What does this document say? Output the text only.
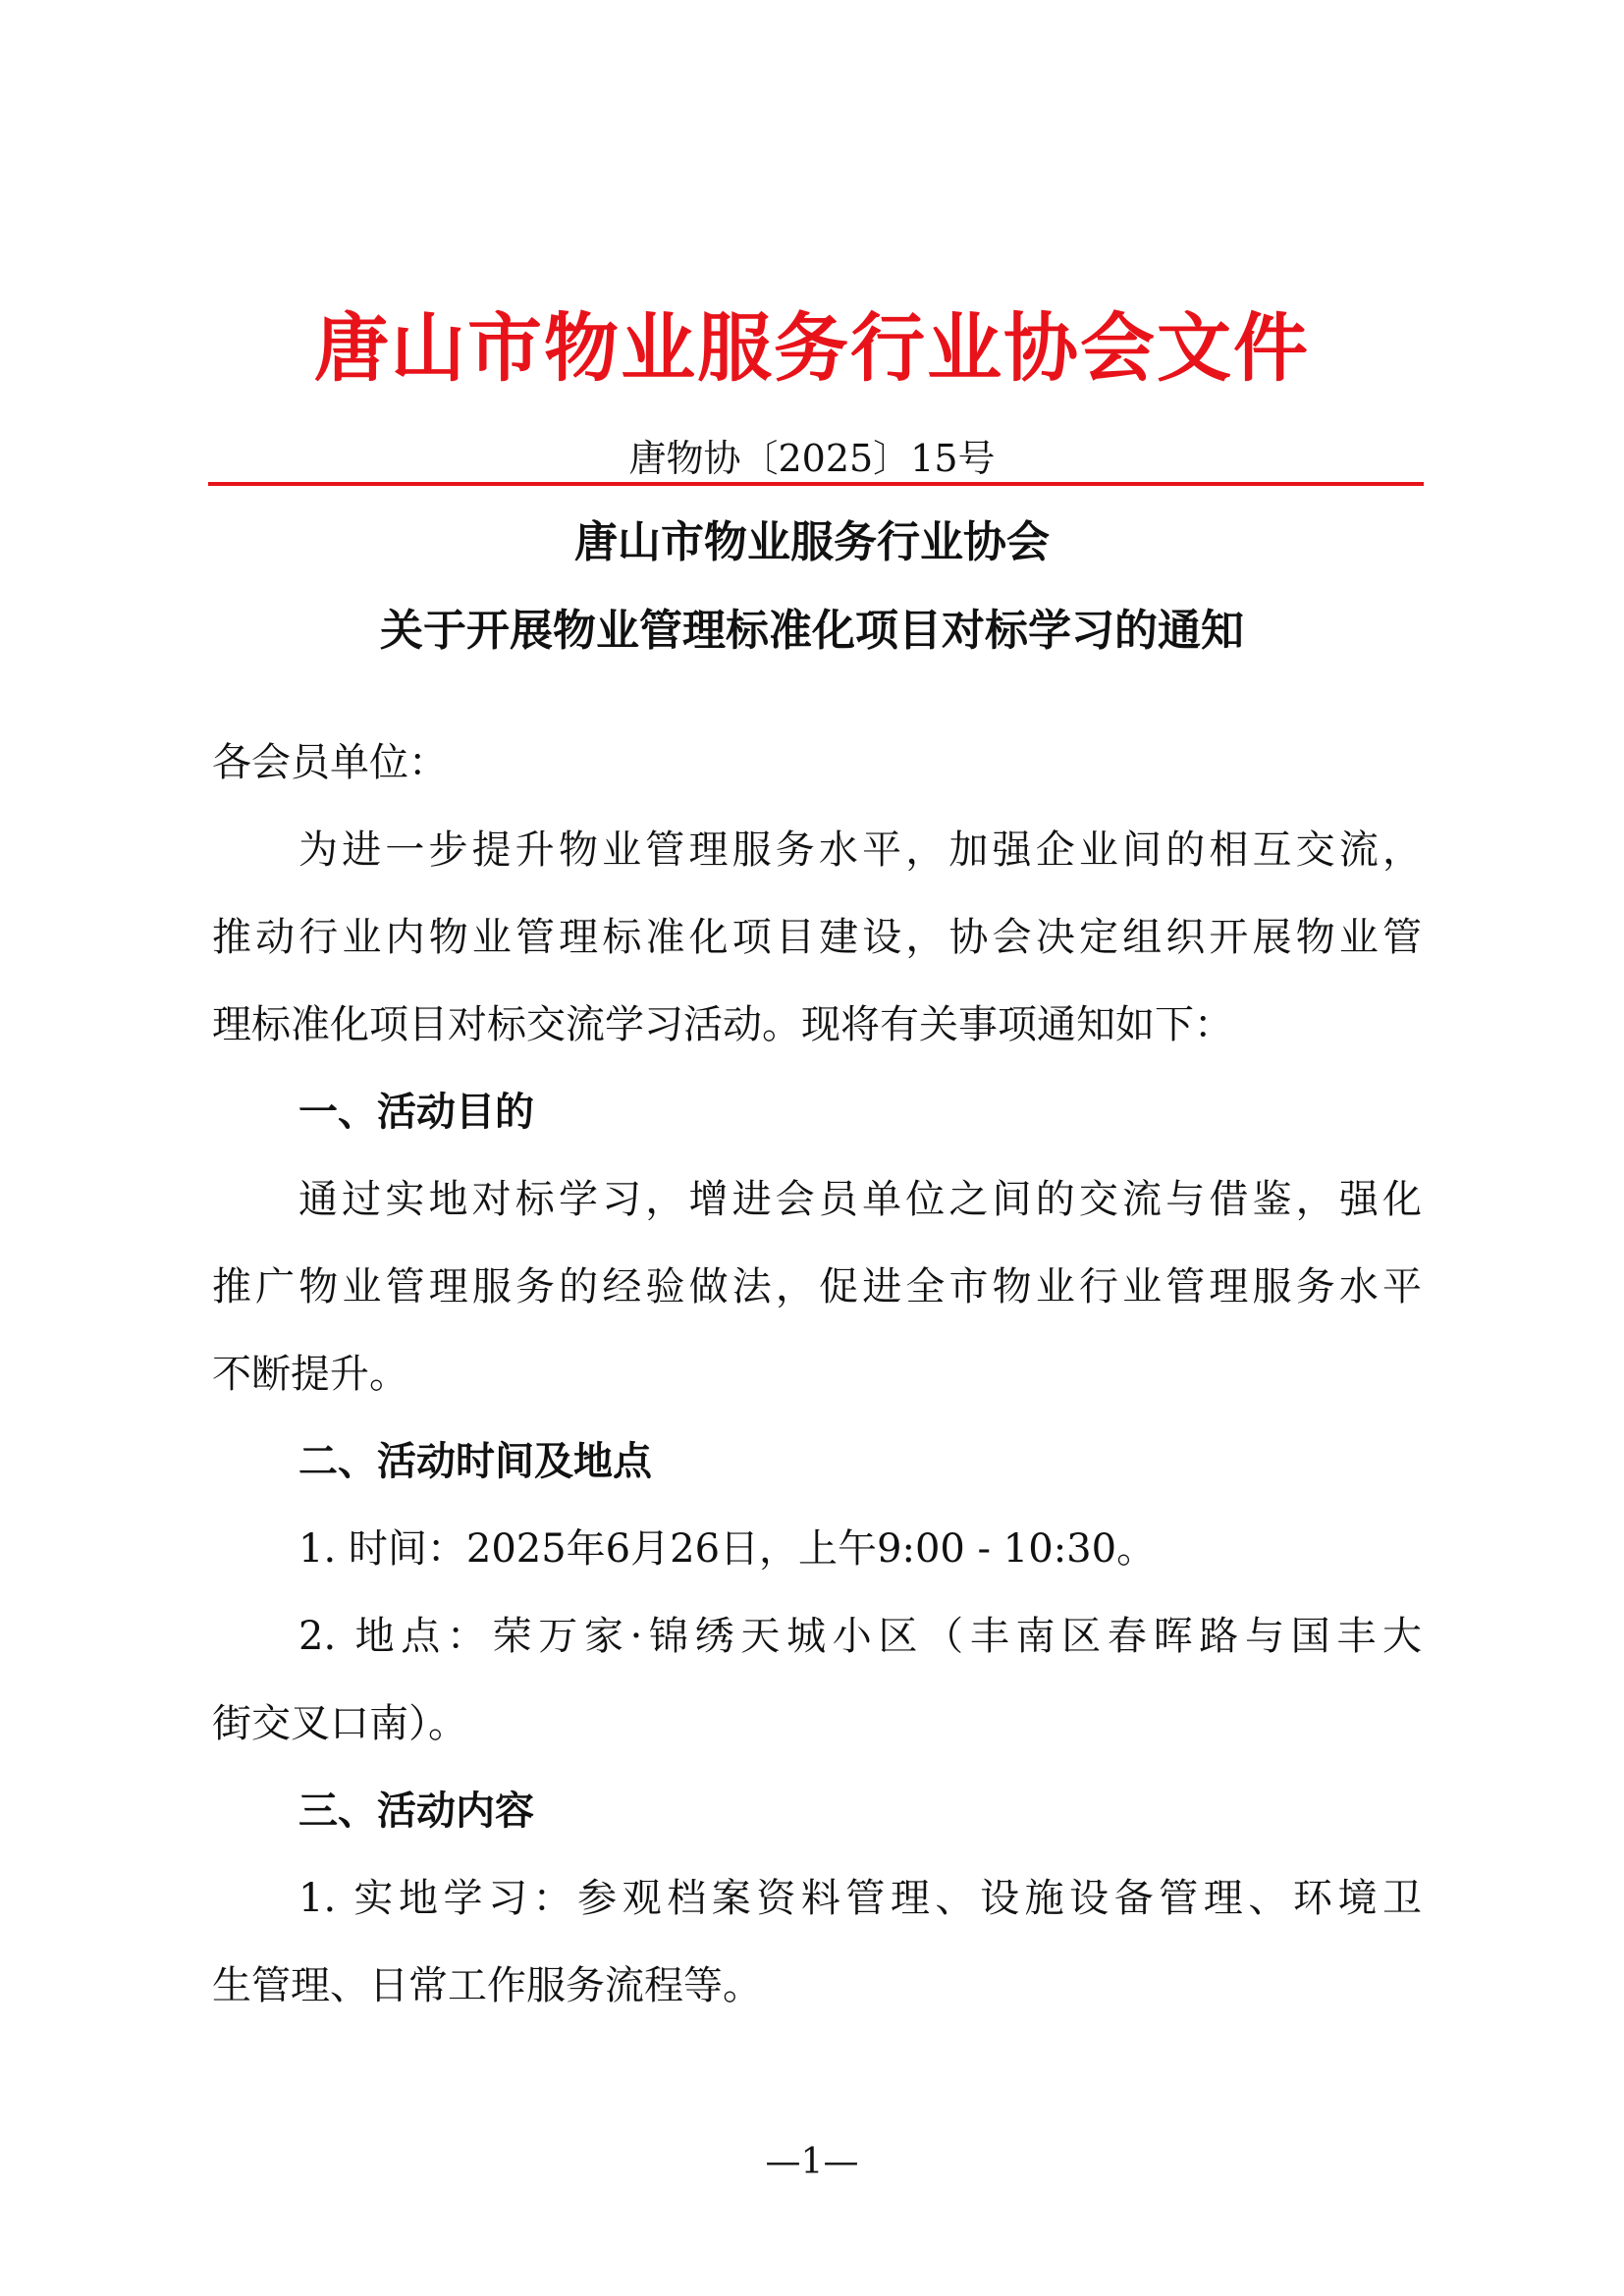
唐山市物业服务行业协会文件
唐物协〔2025〕15号
唐山市物业服务行业协会
关于开展物业管理标准化项目对标学习的通知
各会员单位：
为进一步提升物业管理服务水平，加强企业间的相互交流，
推动行业内物业管理标准化项目建设，协会决定组织开展物业管
理标准化项目对标交流学习活动。现将有关事项通知如下：
一、活动目的
通过实地对标学习，增进会员单位之间的交流与借鉴，强化
推广物业管理服务的经验做法，促进全市物业行业管理服务水平
不断提升。
二、活动时间及地点
1. 时间：2025年6月26日，上午9:00 - 10:30。
2. 地点：荣万家·锦绣天城小区（丰南区春晖路与国丰大
街交叉口南）。
三、活动内容
1. 实地学习：参观档案资料管理、设施设备管理、环境卫
生管理、日常工作服务流程等。
—1—
